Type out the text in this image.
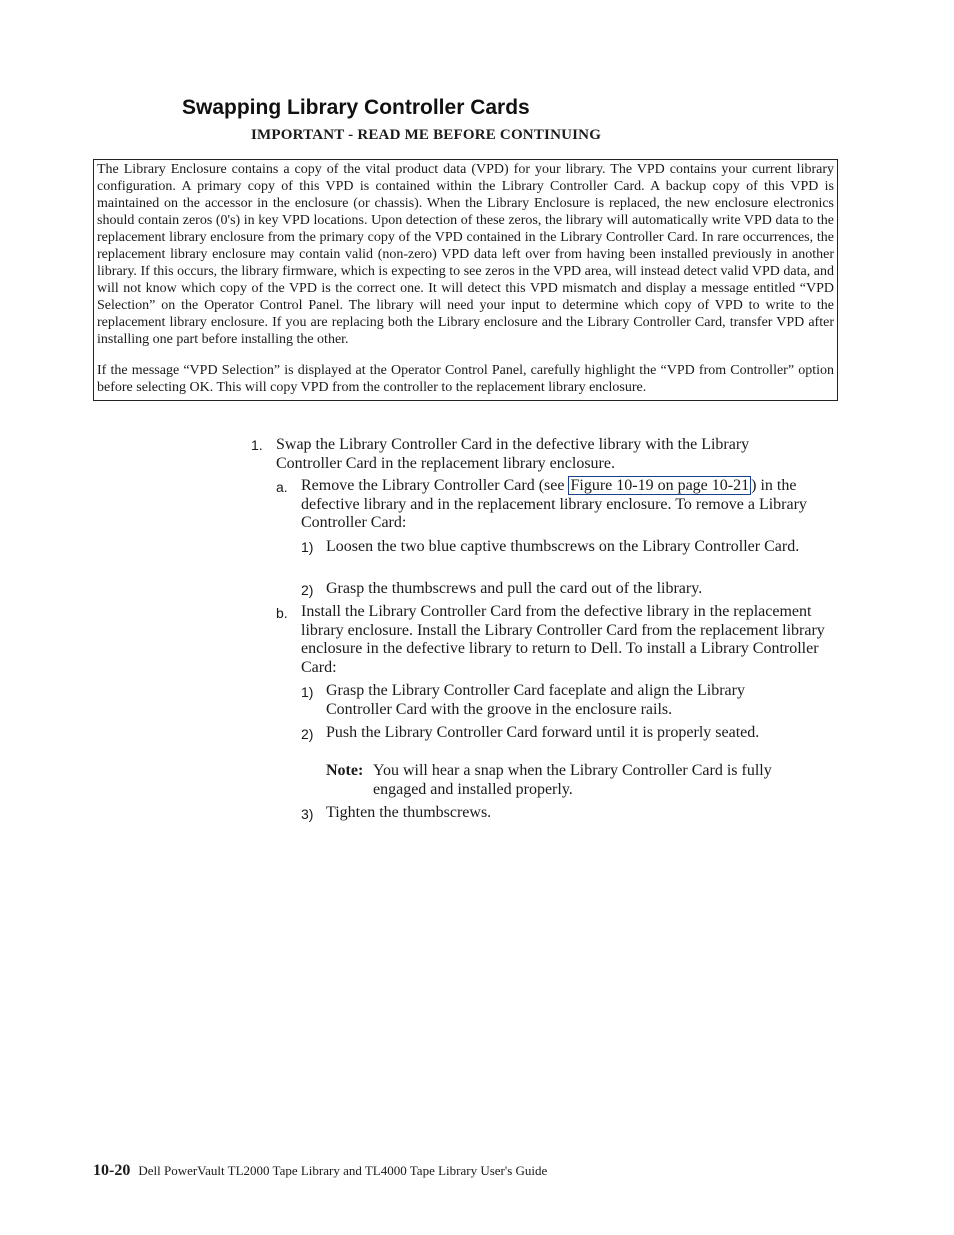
Swapping Library Controller Cards
IMPORTANT - READ ME BEFORE CONTINUING

The Library Enclosure contains a copy of the vital product data (VPD) for your library. The VPD contains your current library configuration. A primary copy of this VPD is contained within the Library Controller Card. A backup copy of this VPD is maintained on the accessor in the enclosure (or chassis). When the Library Enclosure is replaced, the new enclosure electronics should contain zeros (0's) in key VPD locations. Upon detection of these zeros, the library will automatically write VPD data to the replacement library enclosure from the primary copy of the VPD contained in the Library Controller Card. In rare occurrences, the replacement library enclosure may contain valid (non-zero) VPD data left over from having been installed previously in another library. If this occurs, the library firmware, which is expecting to see zeros in the VPD area, will instead detect valid VPD data, and will not know which copy of the VPD is the correct one. It will detect this VPD mismatch and display a message entitled “VPD Selection” on the Operator Control Panel. The library will need your input to determine which copy of VPD to write to the replacement library enclosure. If you are replacing both the Library enclosure and the Library Controller Card, transfer VPD after installing one part before installing the other.

If the message “VPD Selection” is displayed at the Operator Control Panel, carefully highlight the “VPD from Controller” option before selecting OK. This will copy VPD from the controller to the replacement library enclosure.

1. Swap the Library Controller Card in the defective library with the Library Controller Card in the replacement library enclosure.
a. Remove the Library Controller Card (see Figure 10-19 on page 10-21 ) in the defective library and in the replacement library enclosure. To remove a Library Controller Card:
1) Loosen the two blue captive thumbscrews on the Library Controller Card.
2) Grasp the thumbscrews and pull the card out of the library.
b. Install the Library Controller Card from the defective library in the replacement library enclosure. Install the Library Controller Card from the replacement library enclosure in the defective library to return to Dell. To install a Library Controller Card:
1) Grasp the Library Controller Card faceplate and align the Library Controller Card with the groove in the enclosure rails.
2) Push the Library Controller Card forward until it is properly seated.
Note: You will hear a snap when the Library Controller Card is fully engaged and installed properly.
3) Tighten the thumbscrews.
10-20 Dell PowerVault TL2000 Tape Library and TL4000 Tape Library User's Guide
